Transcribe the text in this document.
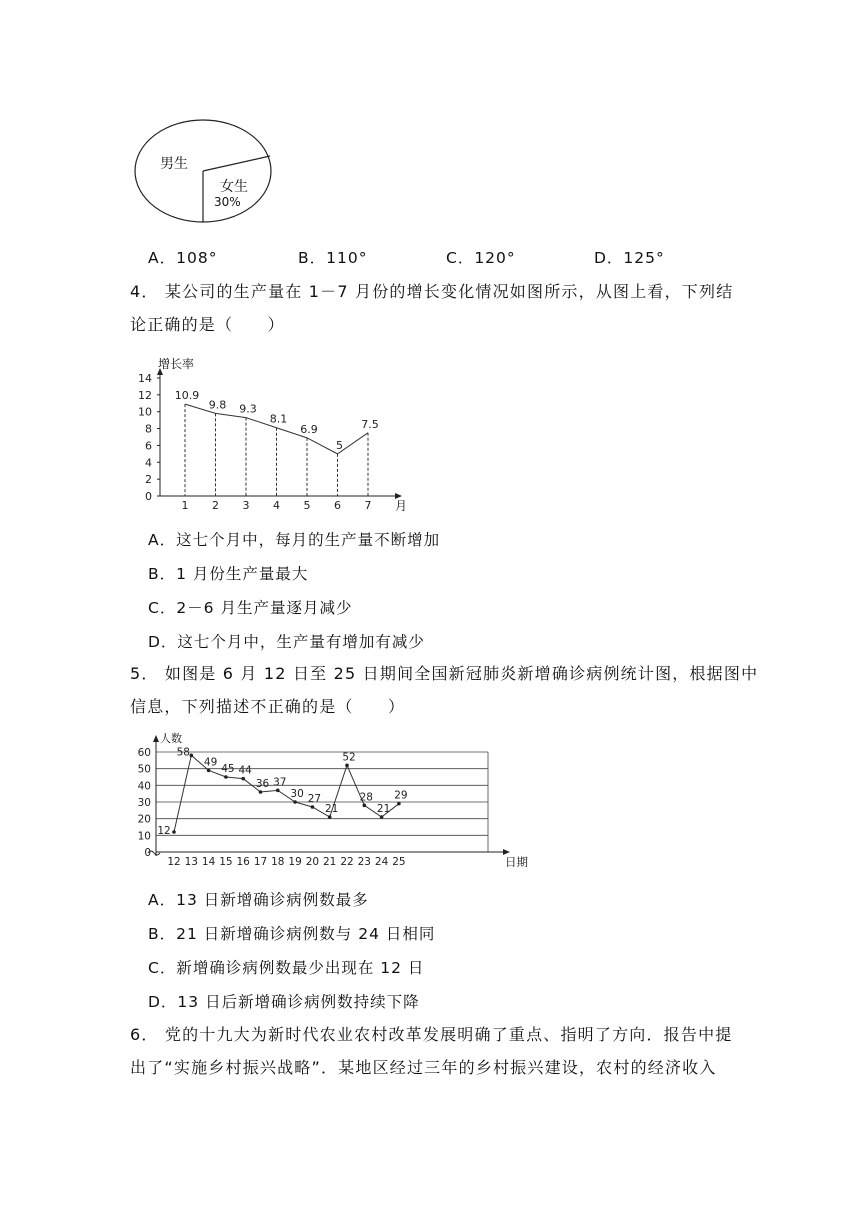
男生
女生
30%
A．108°	B．110°	C．120°	D．125°
4． 某公司的生产量在 1－7 月份的增长变化情况如图所示，从图上看，下列结
论正确的是（　　）
增长率
月
0
2
4
6
8
10
12
14
1 2 3 4 5 6 7
10.9
9.8 9.3
8.1
6.9
5
7.5
A．这七个月中，每月的生产量不断增加
B．1 月份生产量最大
C．2－6 月生产量逐月减少
D．这七个月中，生产量有增加有减少
5． 如图是 6 月 12 日至 25 日期间全国新冠肺炎新增确诊病例统计图，根据图中
信息，下列描述不正确的是（　　）
0
10
20
30
40
50
60
人数
日期
12 13 14 15 16 17 18 19 20 21 22 23 24 25
12
58
49
45 44
36 37
30 27
21
52
28
21
29
A．13 日新增确诊病例数最多
B．21 日新增确诊病例数与 24 日相同
C．新增确诊病例数最少出现在 12 日
D．13 日后新增确诊病例数持续下降
6． 党的十九大为新时代农业农村改革发展明确了重点、指明了方向．报告中提
出了“实施乡村振兴战略”．某地区经过三年的乡村振兴建设，农村的经济收入
